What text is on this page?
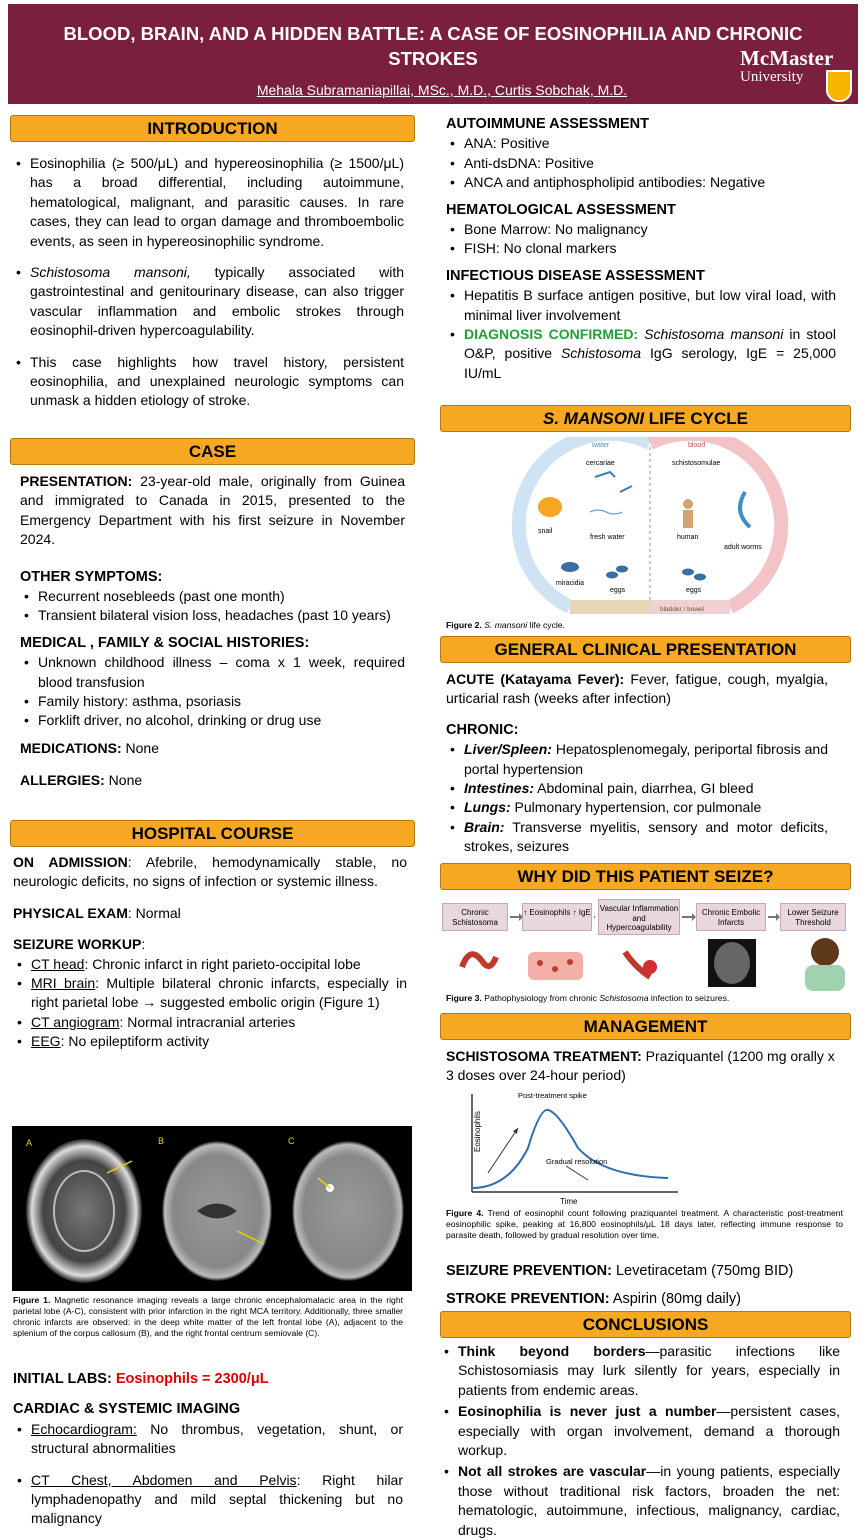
BLOOD, BRAIN, AND A HIDDEN BATTLE: A CASE OF EOSINOPHILIA AND CHRONIC STROKES
Mehala Subramaniapillai, MSc., M.D., Curtis Sobchak, M.D.
McMaster
University
INTRODUCTION
• Eosinophilia (≥ 500/μL) and hypereosinophilia (≥ 1500/μL) has a broad differential, including autoimmune, hematological, malignant, and parasitic causes. In rare cases, they can lead to organ damage and thromboembolic events, as seen in hypereosinophilic syndrome.
• Schistosoma mansoni, typically associated with gastrointestinal and genitourinary disease, can also trigger vascular inflammation and embolic strokes through eosinophil-driven hypercoagulability.
• This case highlights how travel history, persistent eosinophilia, and unexplained neurologic symptoms can unmask a hidden etiology of stroke.
CASE

PRESENTATION: 23-year-old male, originally from Guinea and immigrated to Canada in 2015, presented to the Emergency Department with his first seizure in November 2024.

OTHER SYMPTOMS:
• Recurrent nosebleeds (past one month)
• Transient bilateral vision loss, headaches (past 10 years)
MEDICAL , FAMILY & SOCIAL HISTORIES:
• Unknown childhood illness – coma x 1 week, required blood transfusion
• Family history: asthma, psoriasis
• Forklift driver, no alcohol, drinking or drug use

MEDICATIONS: None

ALLERGIES: None

HOSPITAL COURSE

ON ADMISSION: Afebrile, hemodynamically stable, no neurologic deficits, no signs of infection or systemic illness.

PHYSICAL EXAM: Normal

SEIZURE WORKUP:
• CT head: Chronic infarct in right parieto-occipital lobe
• MRI brain: Multiple bilateral chronic infarcts, especially in right parietal lobe → suggested embolic origin (Figure 1)
• CT angiogram: Normal intracranial arteries
• EEG: No epileptiform activity
A	B	C
Figure 1. Magnetic resonance imaging reveals a large chronic encephalomalacic area in the right parietal lobe (A-C), consistent with prior infarction in the right MCA territory. Additionally, three smaller chronic infarcts are observed: in the deep white matter of the left frontal lobe (A), adjacent to the splenium of the corpus callosum (B), and the right frontal centrum semiovale (C).

INITIAL LABS: Eosinophils = 2300/μL

CARDIAC & SYSTEMIC IMAGING
• Echocardiogram: No thrombus, vegetation, shunt, or structural abnormalities
• CT Chest, Abdomen and Pelvis: Right hilar lymphadenopathy and mild septal thickening but no malignancy
AUTOIMMUNE ASSESSMENT
• ANA: Positive
• Anti-dsDNA: Positive
• ANCA and antiphospholipid antibodies: Negative
HEMATOLOGICAL ASSESSMENT
• Bone Marrow: No malignancy
• FISH: No clonal markers
INFECTIOUS DISEASE ASSESSMENT
• Hepatitis B surface antigen positive, but low viral load, with minimal liver involvement
• DIAGNOSIS CONFIRMED: Schistosoma mansoni in stool O&P, positive Schistosoma IgG serology, IgE = 25,000 IU/mL
S. MANSONI LIFE CYCLE
water	blood
snail
cercariae
fresh water
schistosomulae
human
adult worms
miracidia
eggs	eggs
bladder / bowel
liver
Figure 2. S. mansoni life cycle.
GENERAL CLINICAL PRESENTATION

ACUTE (Katayama Fever): Fever, fatigue, cough, myalgia, urticarial rash (weeks after infection)

CHRONIC:
• Liver/Spleen: Hepatosplenomegaly, periportal fibrosis and portal hypertension
• Intestines: Abdominal pain, diarrhea, GI bleed
• Lungs: Pulmonary hypertension, cor pulmonale
• Brain: Transverse myelitis, sensory and motor deficits, strokes, seizures
WHY DID THIS PATIENT SEIZE?
Chronic Schistosoma
↑ Eosinophils ↑ IgE Vascular Inflammation and Hypercoagulability
Chronic Embolic Infarcts
Lower Seizure Threshold
Figure 3. Pathophysiology from chronic Schistosoma infection to seizures.
MANAGEMENT

SCHISTOSOMA TREATMENT: Praziquantel (1200 mg orally x 3 doses over 24-hour period)

Eosinophils
Time
Post-treatment spike
Gradual resolution
Figure 4. Trend of eosinophil count following praziquantel treatment. A characteristic post-treatment eosinophilic spike, peaking at 16,800 eosinophils/μL 18 days later, reflecting immune response to parasite death, followed by gradual resolution over time.

SEIZURE PREVENTION: Levetiracetam (750mg BID)

STROKE PREVENTION: Aspirin (80mg daily)

CONCLUSIONS
• Think beyond borders—parasitic infections like Schistosomiasis may lurk silently for years, especially in patients from endemic areas.
• Eosinophilia is never just a number—persistent cases, especially with organ involvement, demand a thorough workup.
• Not all strokes are vascular—in young patients, especially those without traditional risk factors, broaden the net: hematologic, autoimmune, infectious, malignancy, cardiac, drugs.
